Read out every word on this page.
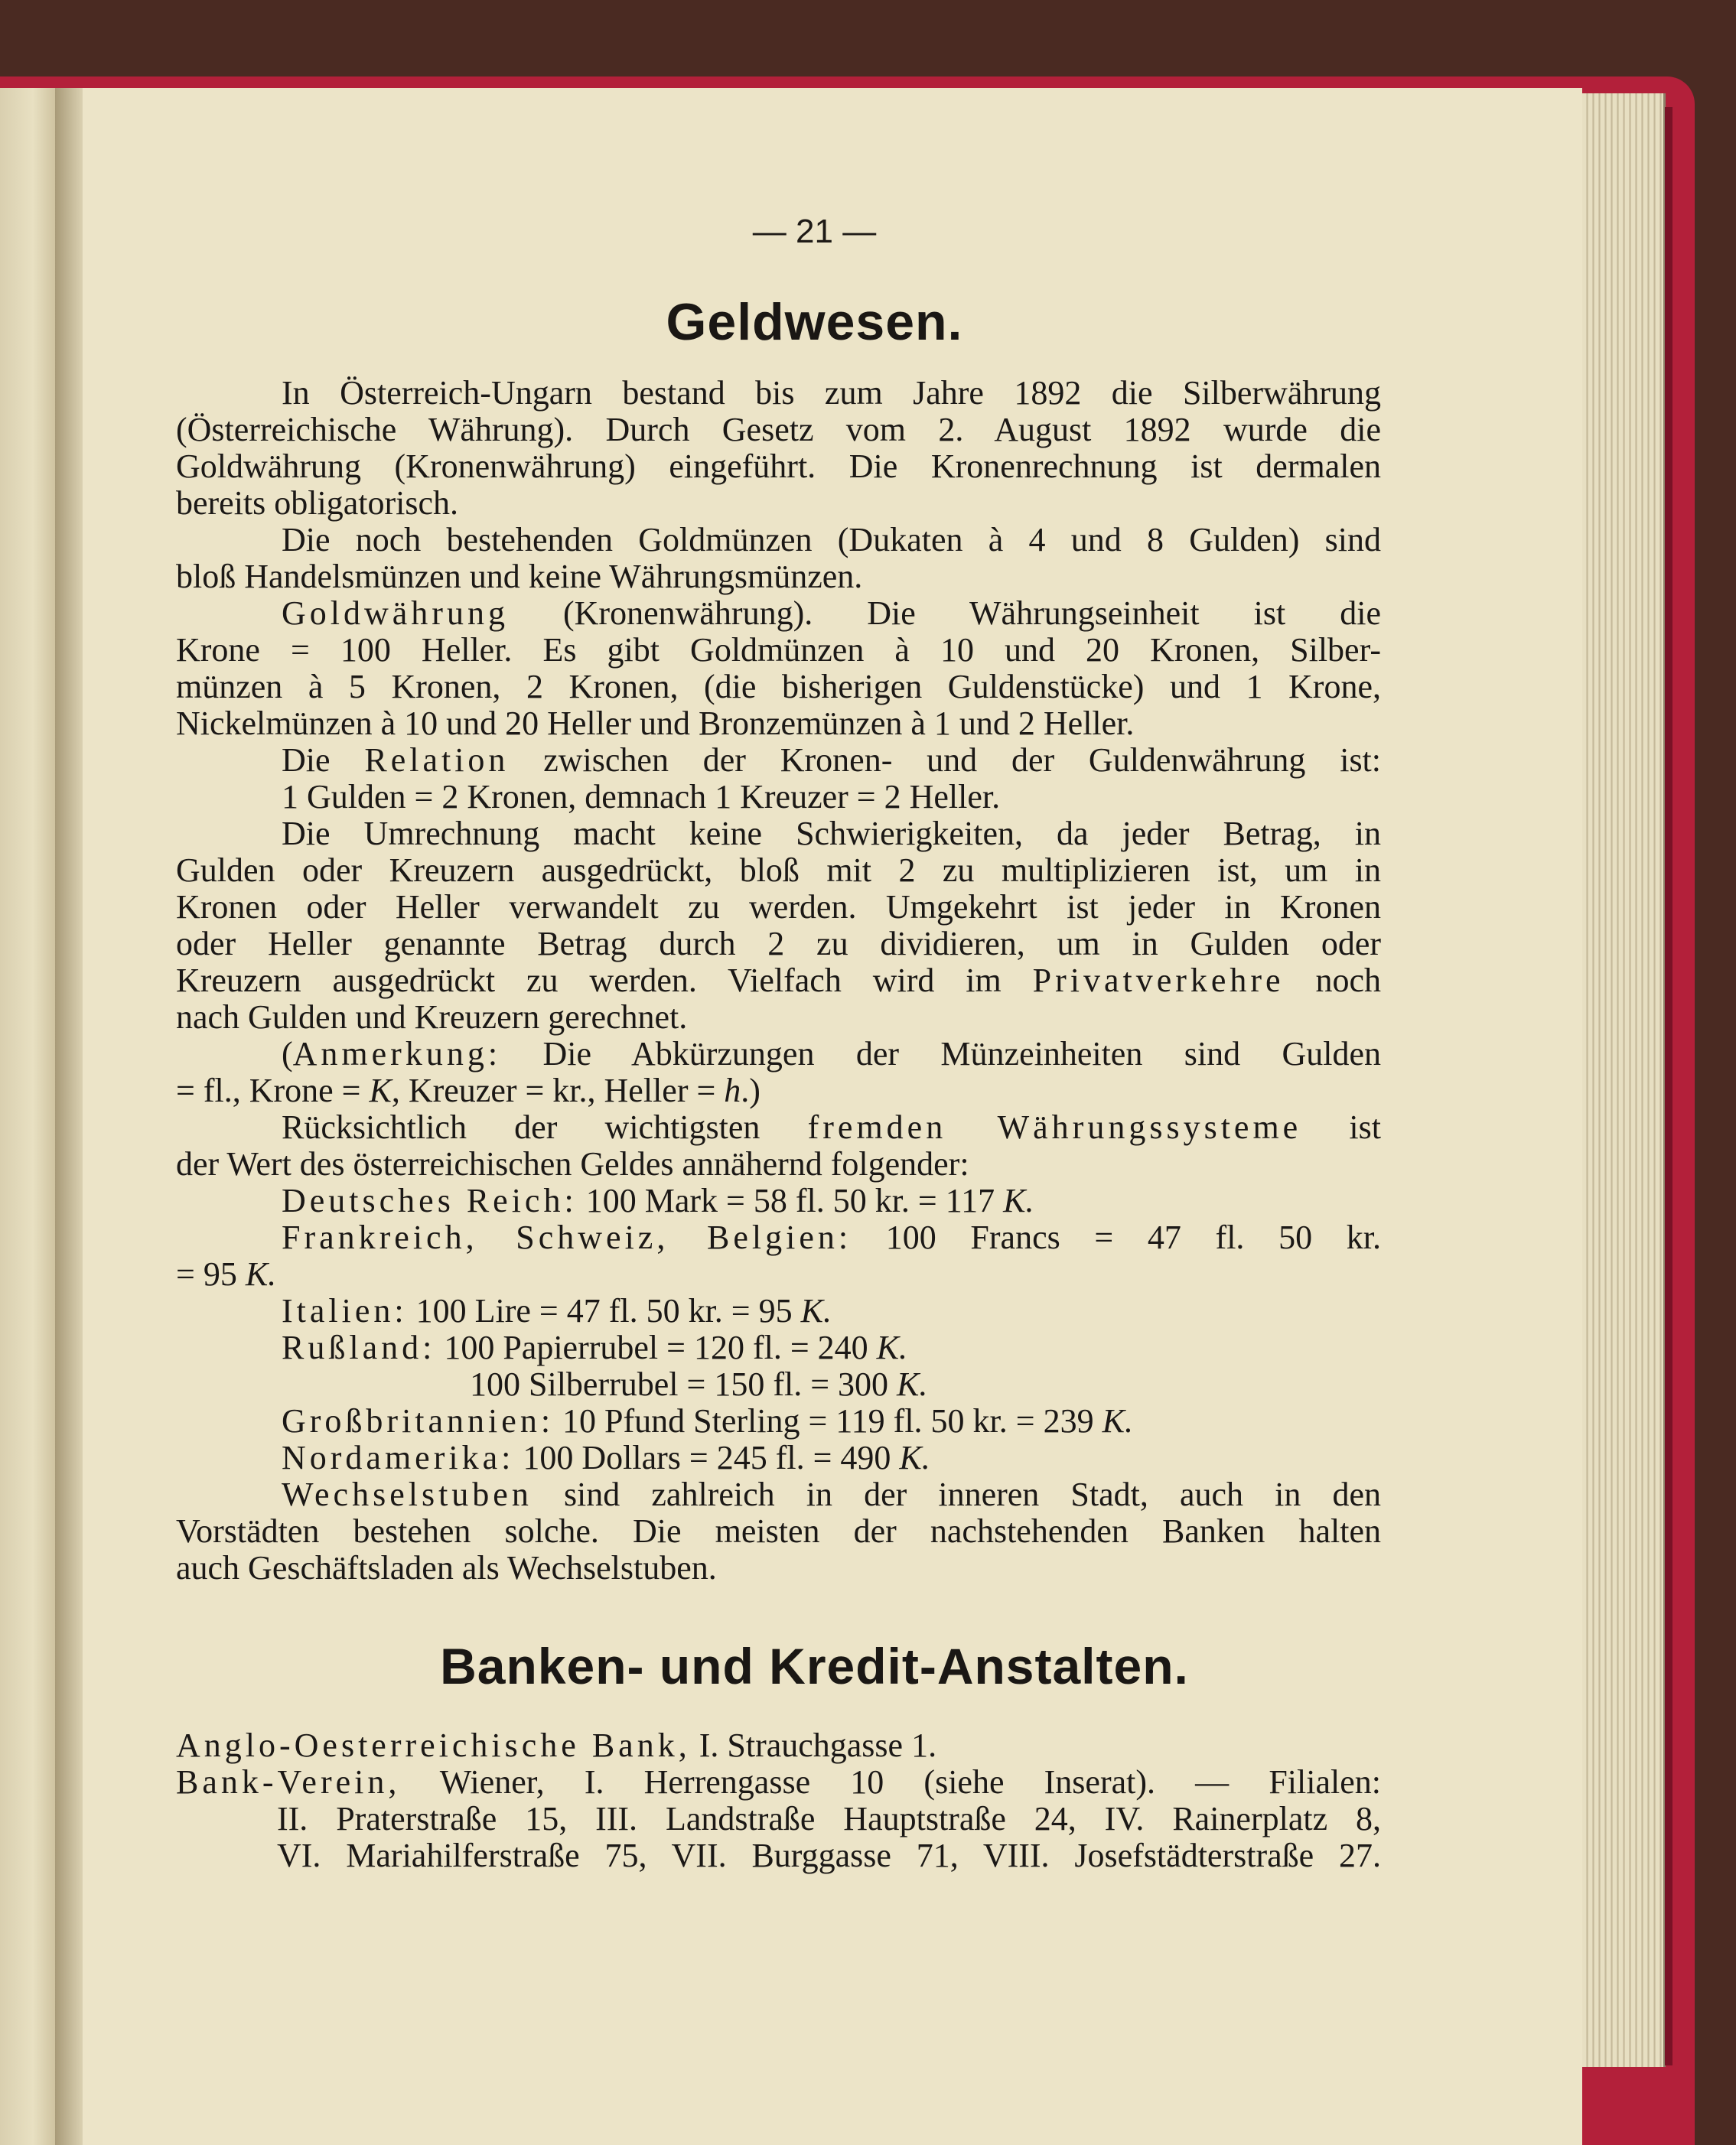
— 21 —
Geldwesen.
In Österreich-Ungarn bestand bis zum Jahre 1892 die Silberwährung
(Österreichische Währung). Durch Gesetz vom 2. August 1892 wurde die
Goldwährung (Kronenwährung) eingeführt. Die Kronenrechnung ist dermalen
bereits obligatorisch.
Die noch bestehenden Goldmünzen (Dukaten à 4 und 8 Gulden) sind
bloß Handelsmünzen und keine Währungsmünzen.
Goldwährung (Kronenwährung). Die Währungseinheit ist die
Krone = 100 Heller. Es gibt Goldmünzen à 10 und 20 Kronen, Silber-
münzen à 5 Kronen, 2 Kronen, (die bisherigen Guldenstücke) und 1 Krone,
Nickelmünzen à 10 und 20 Heller und Bronzemünzen à 1 und 2 Heller.
Die Relation zwischen der Kronen- und der Guldenwährung ist:
1 Gulden = 2 Kronen, demnach 1 Kreuzer = 2 Heller.
Die Umrechnung macht keine Schwierigkeiten, da jeder Betrag, in
Gulden oder Kreuzern ausgedrückt, bloß mit 2 zu multiplizieren ist, um in
Kronen oder Heller verwandelt zu werden. Umgekehrt ist jeder in Kronen
oder Heller genannte Betrag durch 2 zu dividieren, um in Gulden oder
Kreuzern ausgedrückt zu werden. Vielfach wird im Privatverkehre noch
nach Gulden und Kreuzern gerechnet.
(Anmerkung: Die Abkürzungen der Münzeinheiten sind Gulden
= fl., Krone = K, Kreuzer = kr., Heller = h.)
Rücksichtlich der wichtigsten fremden Währungssysteme ist
der Wert des österreichischen Geldes annähernd folgender:
Deutsches Reich: 100 Mark = 58 fl. 50 kr. = 117 K.
Frankreich, Schweiz, Belgien: 100 Francs = 47 fl. 50 kr.
= 95 K.
Italien: 100 Lire = 47 fl. 50 kr. = 95 K.
Rußland: 100 Papierrubel = 120 fl. = 240 K.
100 Silberrubel = 150 fl. = 300 K.
Großbritannien: 10 Pfund Sterling = 119 fl. 50 kr. = 239 K.
Nordamerika: 100 Dollars = 245 fl. = 490 K.
Wechselstuben sind zahlreich in der inneren Stadt, auch in den
Vorstädten bestehen solche. Die meisten der nachstehenden Banken halten
auch Geschäftsladen als Wechselstuben.
Banken- und Kredit-Anstalten.
Anglo-Oesterreichische Bank, I. Strauchgasse 1.
Bank-Verein, Wiener, I. Herrengasse 10 (siehe Inserat). — Filialen:
II. Praterstraße 15, III. Landstraße Hauptstraße 24, IV. Rainerplatz 8,
VI. Mariahilferstraße 75, VII. Burggasse 71, VIII. Josefstädterstraße 27.
